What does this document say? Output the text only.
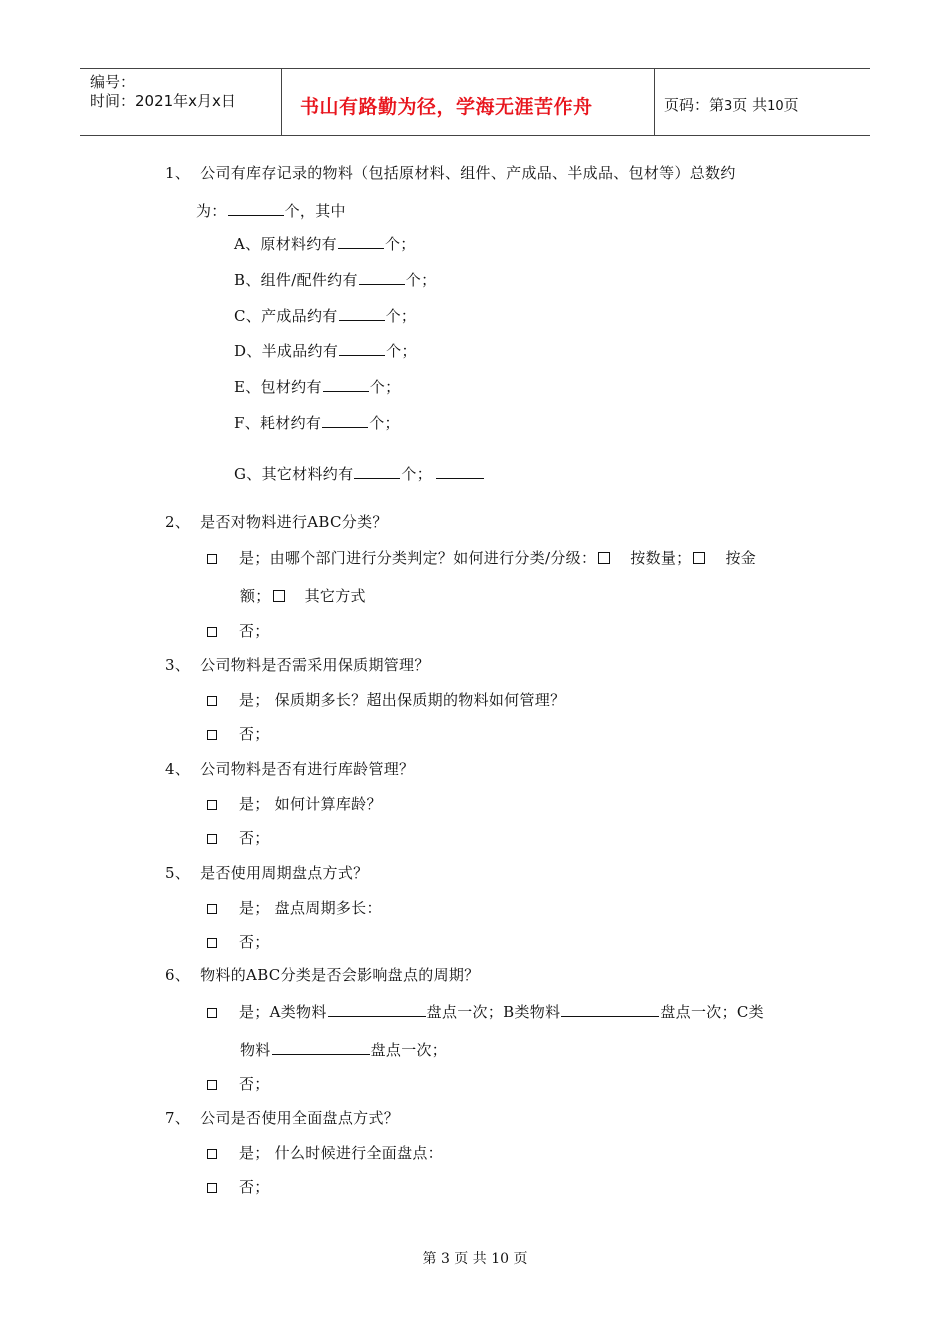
编号：
时间：2021年x月x日	书山有路勤为径，学海无涯苦作舟	页码：第3页 共10页
1、 公司有库存记录的物料（包括原材料、组件、产成品、半成品、包材等）总数约
为：	个，其中
A、原材料约有	个；
B、组件/配件约有	个；
C、产成品约有	个；
D、半成品约有	个；
E、包材约有	个；
F、耗材约有	个；
G、其它材料约有	个；
2、 是否对物料进行ABC分类？
是；由哪个部门进行分类判定？如何进行分类/分级： 按数量； 按金
额； 其它方式
否；
3、 公司物料是否需采用保质期管理？
是； 保质期多长？超出保质期的物料如何管理？
否；
4、 公司物料是否有进行库龄管理？
是； 如何计算库龄？
否；
5、 是否使用周期盘点方式？
是； 盘点周期多长：
否；
6、 物料的ABC分类是否会影响盘点的周期？
是；A类物料	盘点一次；B类物料	盘点一次；C类
物料	盘点一次；
否；
7、 公司是否使用全面盘点方式？
是； 什么时候进行全面盘点：
否；
第 3 页 共 10 页
